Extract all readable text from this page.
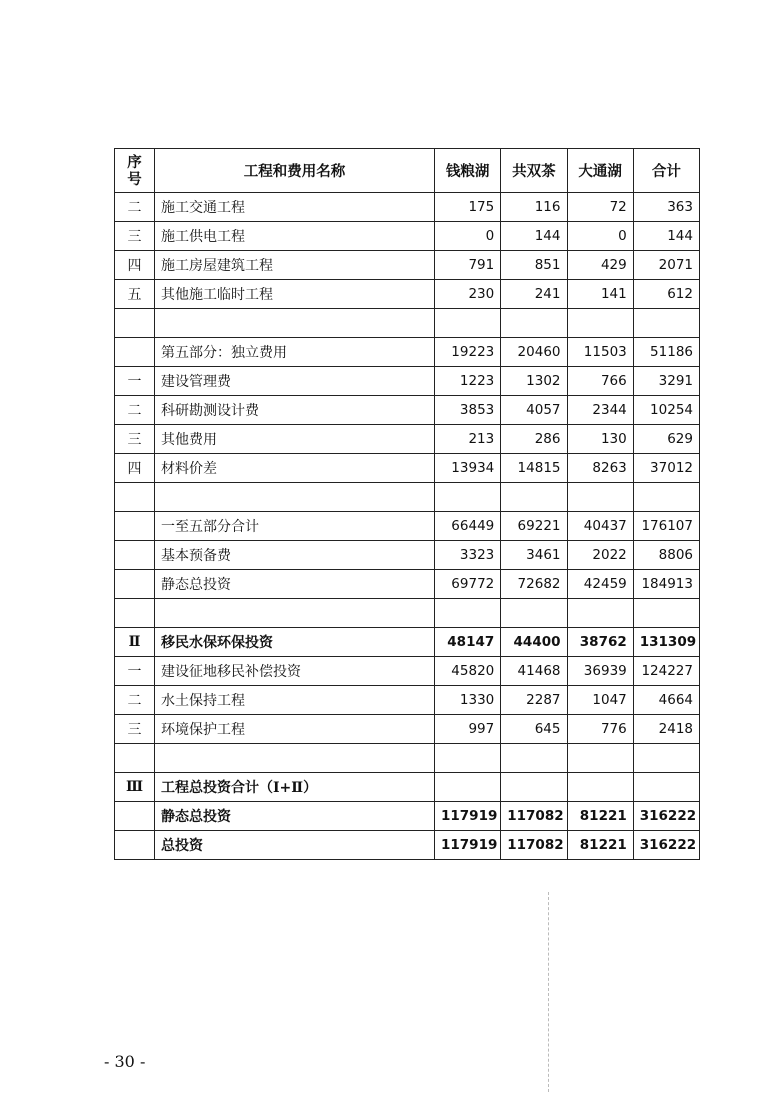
序号	工程和费用名称	钱粮湖	共双茶	大通湖	合计
二	施工交通工程	175	116	72	363
三	施工供电工程	0	144	0	144
四	施工房屋建筑工程	791	851	429	2071
五	其他施工临时工程	230	241	141	612

	第五部分：独立费用	19223	20460	11503	51186
一	建设管理费	1223	1302	766	3291
二	科研勘测设计费	3853	4057	2344	10254
三	其他费用	213	286	130	629
四	材料价差	13934	14815	8263	37012

	一至五部分合计	66449	69221	40437	176107
	基本预备费	3323	3461	2022	8806
	静态总投资	69772	72682	42459	184913

Ⅱ	移民水保环保投资	48147	44400	38762	131309
一	建设征地移民补偿投资	45820	41468	36939	124227
二	水土保持工程	1330	2287	1047	4664
三	环境保护工程	997	645	776	2418

Ⅲ	工程总投资合计（Ⅰ+Ⅱ）				
	静态总投资	117919	117082	81221	316222
	总投资	117919	117082	81221	316222
- 30 -
